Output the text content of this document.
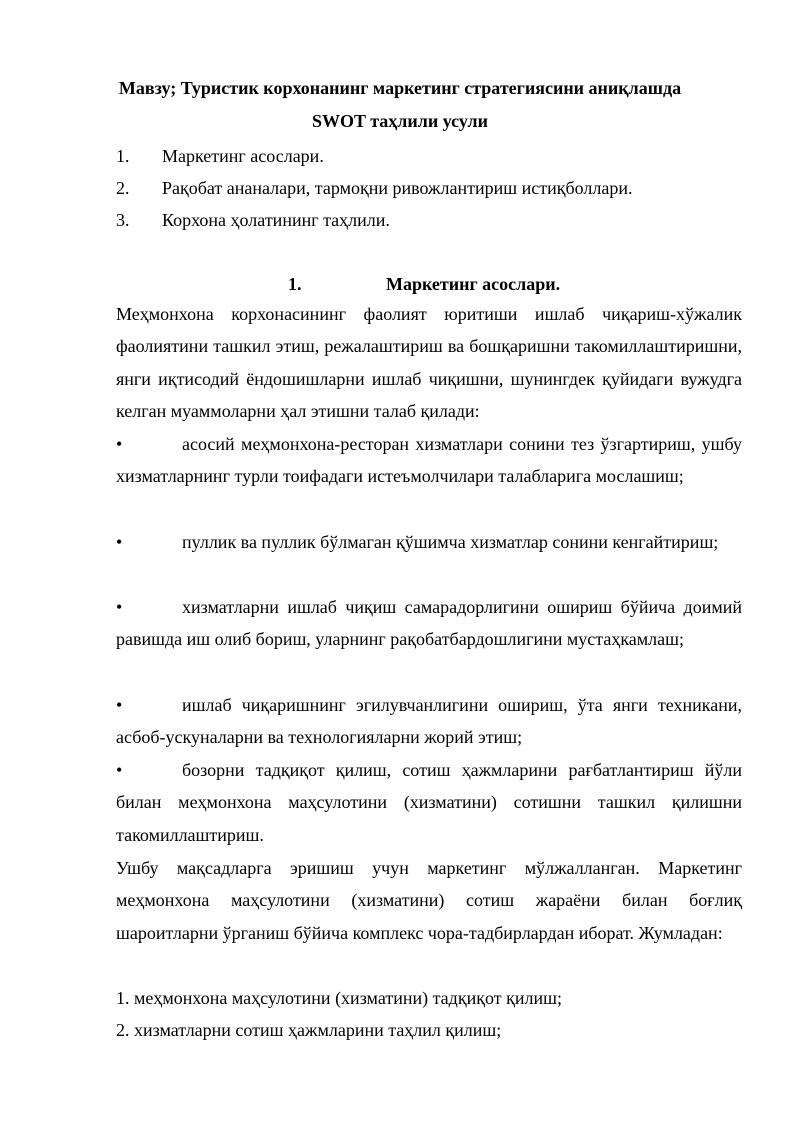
Мавзу; Туристик корхонанинг маркетинг стратегиясини аниқлашда
SWOT таҳлили усули
1.	Маркетинг асослари.
2.	Рақобат ананалари, тармоқни ривожлантириш истиқболлари.
3.	Корхона ҳолатининг таҳлили.
1.	Маркетинг асослари.

Меҳмонхона корхонасининг фаолият юритиши ишлаб чиқариш-хўжалик фаолиятини ташкил этиш, режалаштириш ва бошқаришни такомиллаштиришни, янги иқтисодий ёндошишларни ишлаб чиқишни, шунингдек қуйидаги вужудга келган муаммоларни ҳал этишни талаб қилади:

•	асосий меҳмонхона-ресторан хизматлари сонини тез ўзгартириш, ушбу хизматларнинг турли тоифадаги истеъмолчилари талабларига мослашиш;

•	пуллик ва пуллик бўлмаган қўшимча хизматлар сонини кенгайтириш;

•	хизматларни ишлаб чиқиш самарадорлигини ошириш бўйича доимий равишда иш олиб бориш, уларнинг рақобатбардошлигини мустаҳкамлаш;

•	ишлаб чиқаришнинг эгилувчанлигини ошириш, ўта янги техникани, асбоб-ускуналарни ва технологияларни жорий этиш;

•	бозорни тадқиқот қилиш, сотиш ҳажмларини рағбатлантириш йўли билан меҳмонхона маҳсулотини (хизматини) сотишни ташкил қилишни такомиллаштириш.

Ушбу мақсадларга эришиш учун маркетинг мўлжалланган. Маркетинг меҳмонхона маҳсулотини (хизматини) сотиш жараёни билан боғлиқ шароитларни ўрганиш бўйича комплекс чора-тадбирлардан иборат. Жумладан:

1. меҳмонхона маҳсулотини (хизматини) тадқиқот қилиш;

2. хизматларни сотиш ҳажмларини таҳлил қилиш;
